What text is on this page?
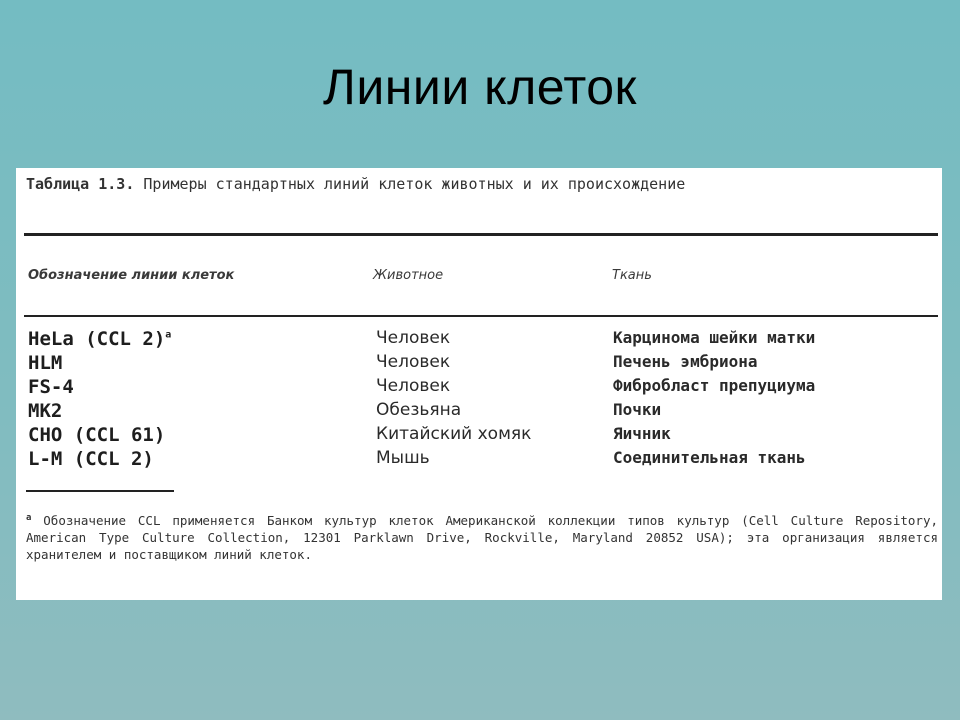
Линии клеток
Таблица 1.3. Примеры стандартных линий клеток животных и их происхождение
Обозначение линии клеток	Животное	Ткань
HeLa (CCL 2)$^a$	Человек	Карцинома шейки матки
HLM	Человек	Печень эмбриона
FS-4	Человек	Фибробласт препуциума
МК2	Обезьяна	Почки
CHO (CCL 61)	Китайский хомяк	Яичник
L-M (CCL 2)	Мышь	Соединительная ткань
$^a$ Обозначение CCL применяется Банком культур клеток Американской коллекции типов культур (Cell Culture Repository, American Type Culture Collection, 12301 Parklawn Drive, Rockville, Maryland 20852 USA); эта организация является хранителем и поставщиком линий клеток.
